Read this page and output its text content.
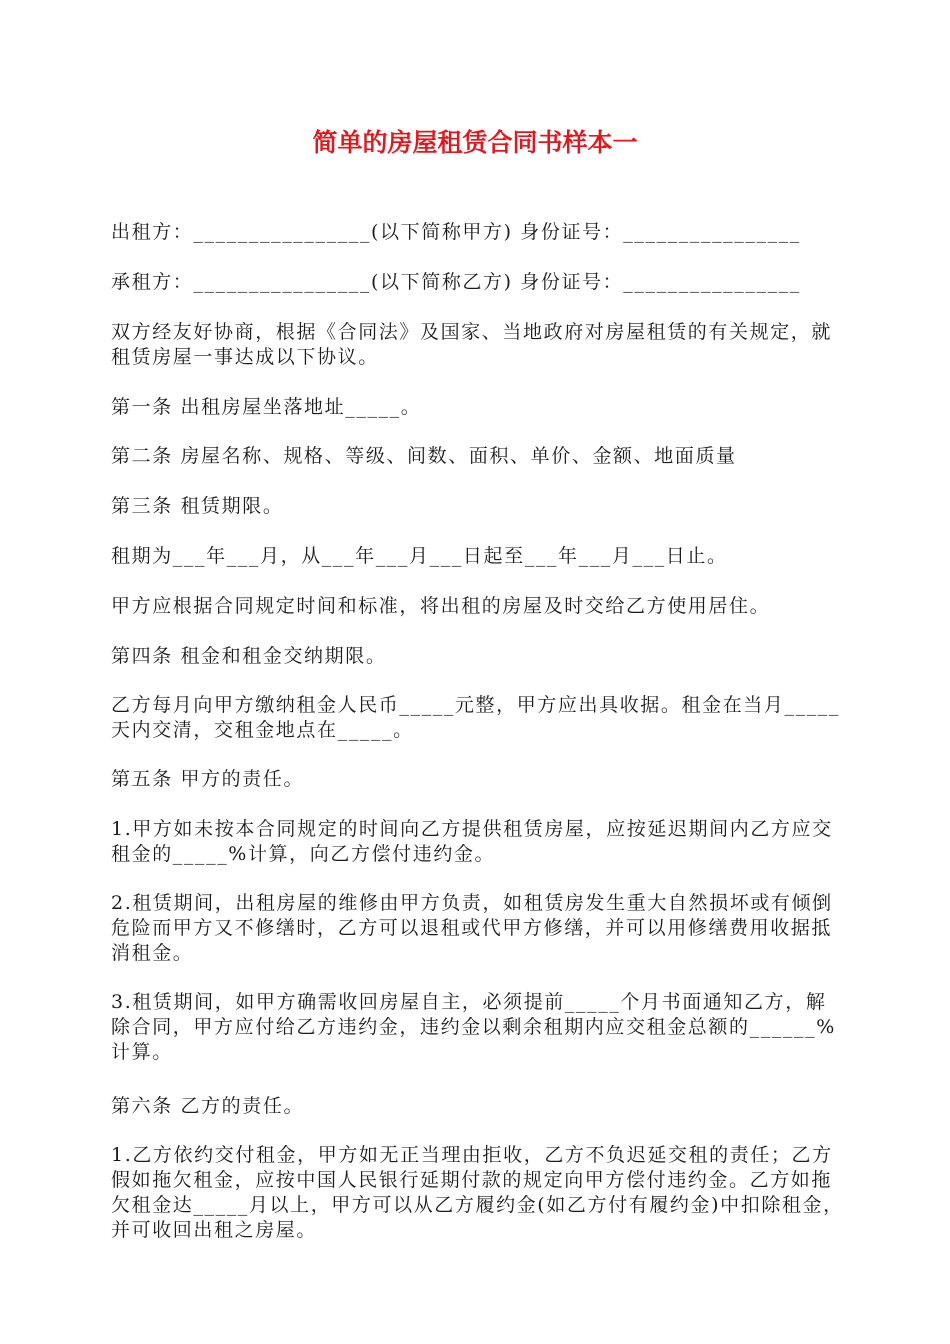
简单的房屋租赁合同书样本一

出租方：________________(以下简称甲方) 身份证号：________________

承租方：________________(以下简称乙方) 身份证号：________________

双方经友好协商，根据《合同法》及国家、当地政府对房屋租赁的有关规定，就租赁房屋一事达成以下协议。

第一条 出租房屋坐落地址_____。

第二条 房屋名称、规格、等级、间数、面积、单价、金额、地面质量

第三条 租赁期限。

租期为___年___月，从___年___月___日起至___年___月___日止。

甲方应根据合同规定时间和标准，将出租的房屋及时交给乙方使用居住。

第四条 租金和租金交纳期限。

乙方每月向甲方缴纳租金人民币_____元整，甲方应出具收据。租金在当月_____天内交清，交租金地点在_____。

第五条 甲方的责任。

1.甲方如未按本合同规定的时间向乙方提供租赁房屋，应按延迟期间内乙方应交租金的_____%计算，向乙方偿付违约金。

2.租赁期间，出租房屋的维修由甲方负责，如租赁房发生重大自然损坏或有倾倒危险而甲方又不修缮时，乙方可以退租或代甲方修缮，并可以用修缮费用收据抵消租金。

3.租赁期间，如甲方确需收回房屋自主，必须提前_____个月书面通知乙方，解除合同，甲方应付给乙方违约金，违约金以剩余租期内应交租金总额的______%计算。

第六条 乙方的责任。

1.乙方依约交付租金，甲方如无正当理由拒收，乙方不负迟延交租的责任；乙方假如拖欠租金，应按中国人民银行延期付款的规定向甲方偿付违约金。乙方如拖欠租金达_____月以上，甲方可以从乙方履约金(如乙方付有履约金)中扣除租金，并可收回出租之房屋。
